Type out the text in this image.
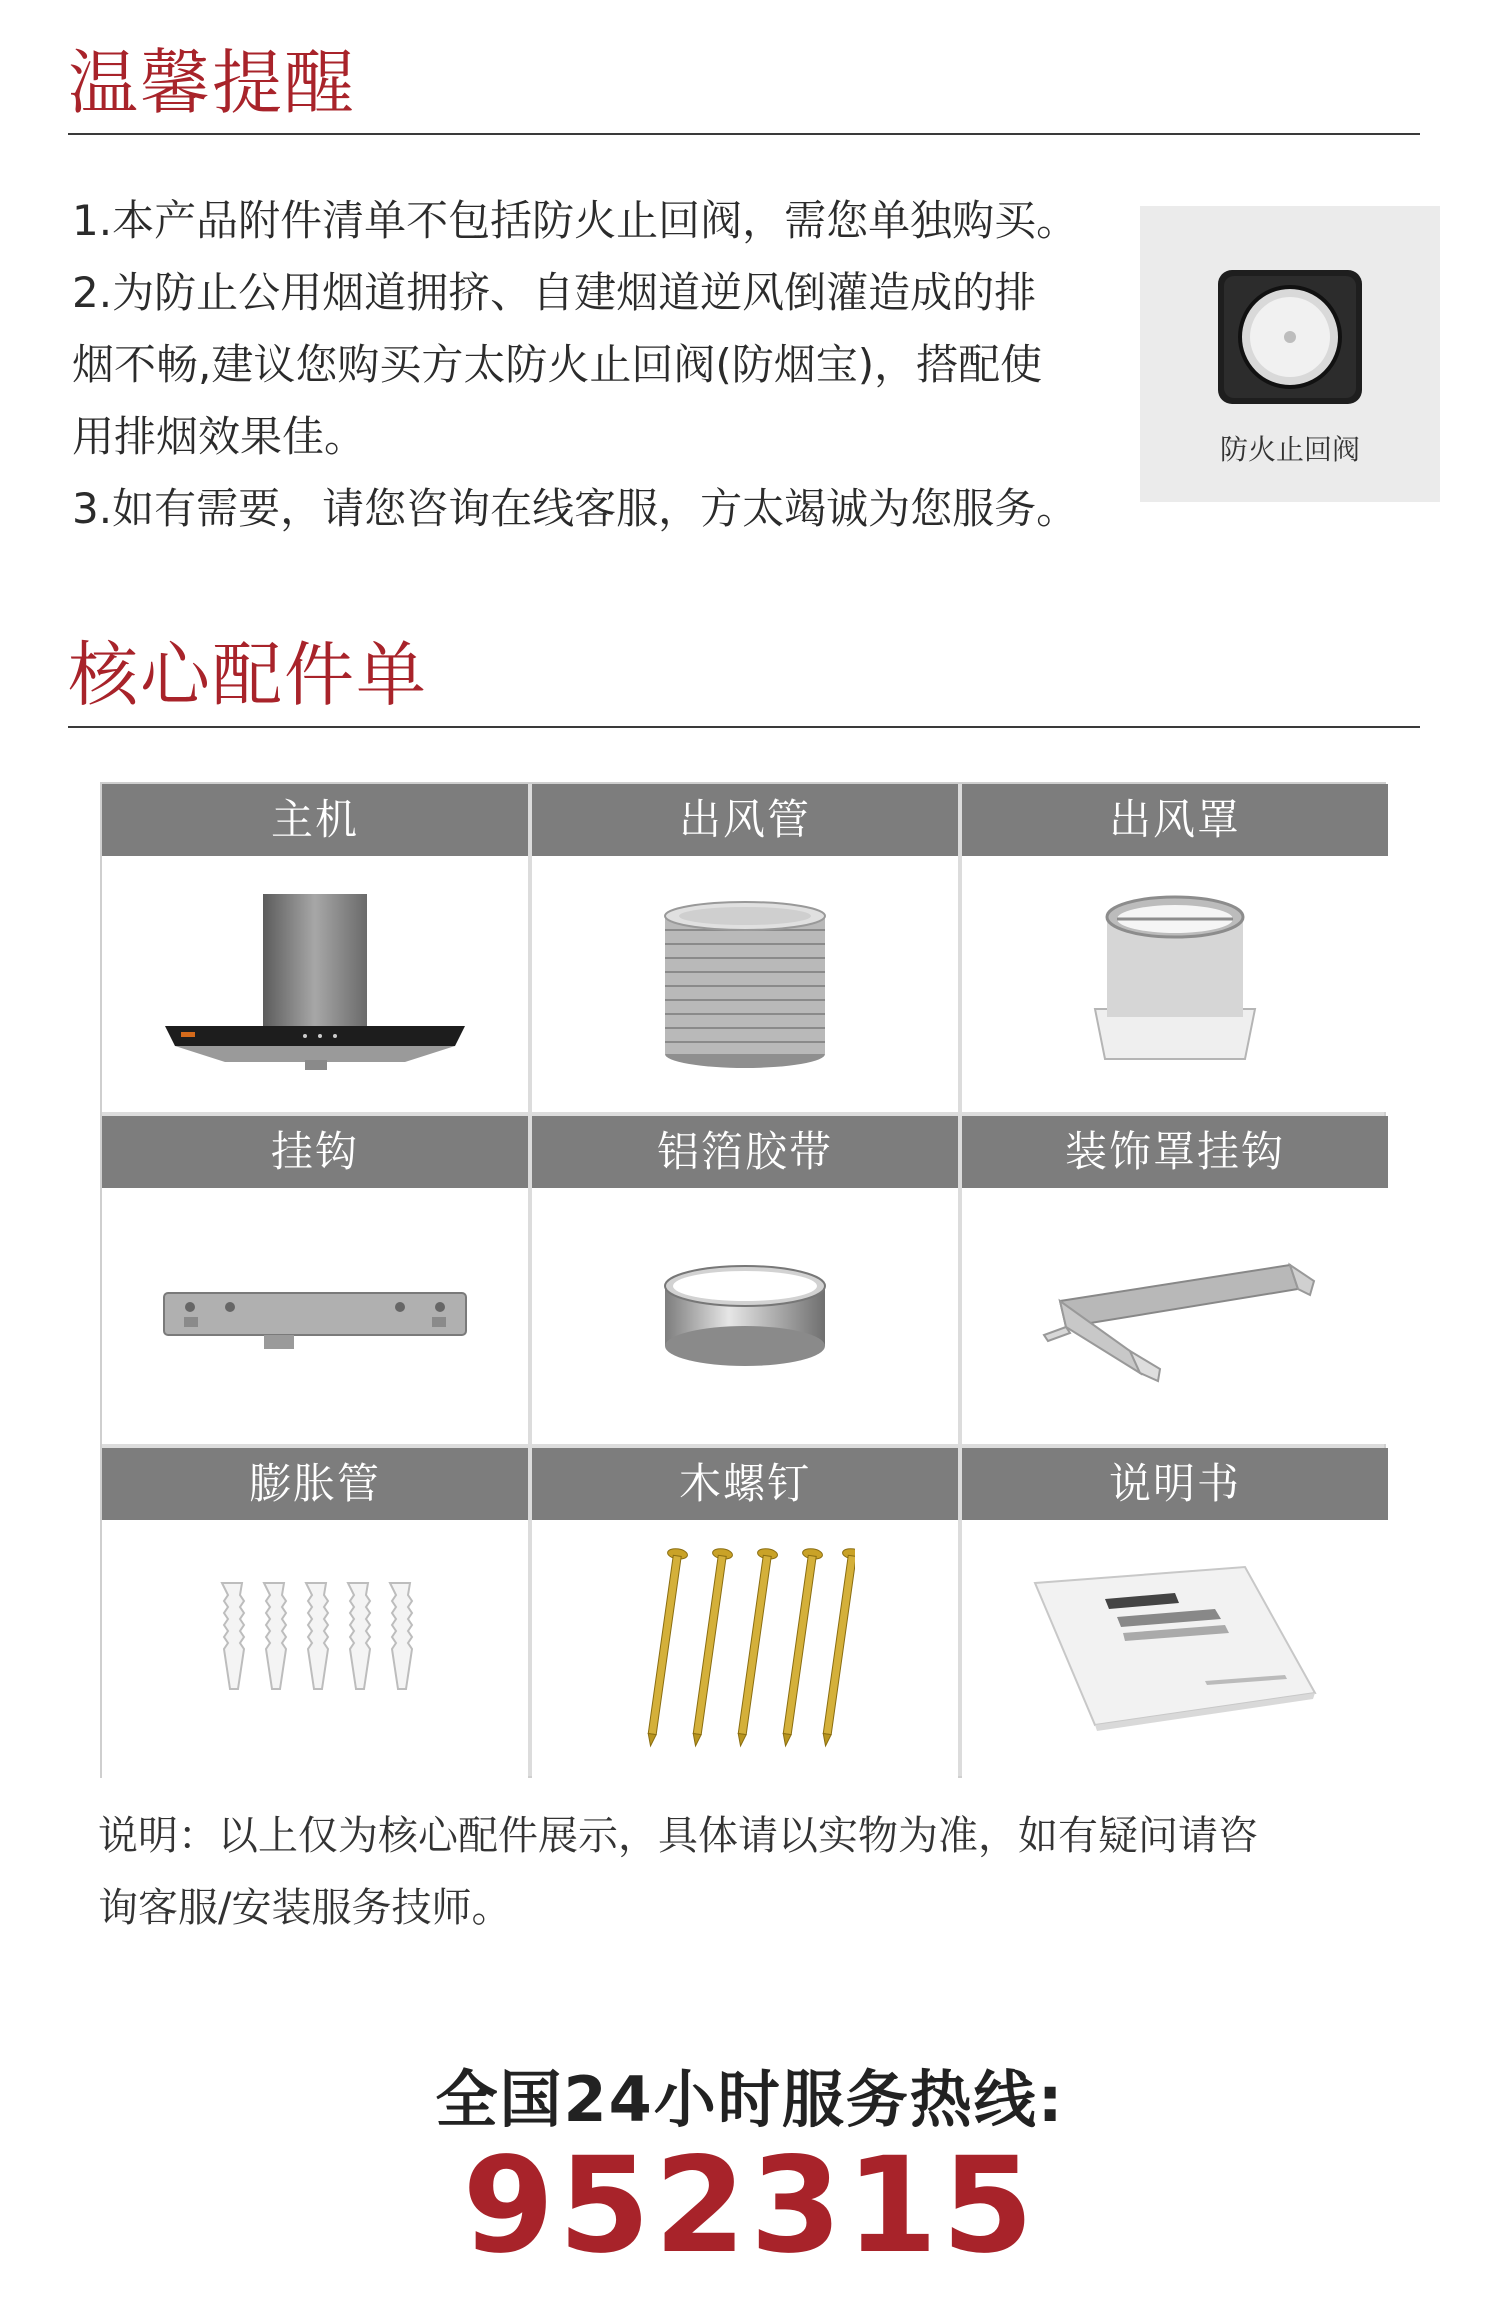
温馨提醒
1.本产品附件清单不包括防火止回阀，需您单独购买。
2.为防止公用烟道拥挤、自建烟道逆风倒灌造成的排
烟不畅,建议您购买方太防火止回阀(防烟宝)，搭配使
用排烟效果佳。
3.如有需要，请您咨询在线客服，方太竭诚为您服务。
防火止回阀
核心配件单
主机	出风管	出风罩
挂钩	铝箔胶带	装饰罩挂钩
膨胀管	木螺钉	说明书
说明：以上仅为核心配件展示，具体请以实物为准，如有疑问请咨
询客服/安装服务技师。
全国24小时服务热线:
952315
